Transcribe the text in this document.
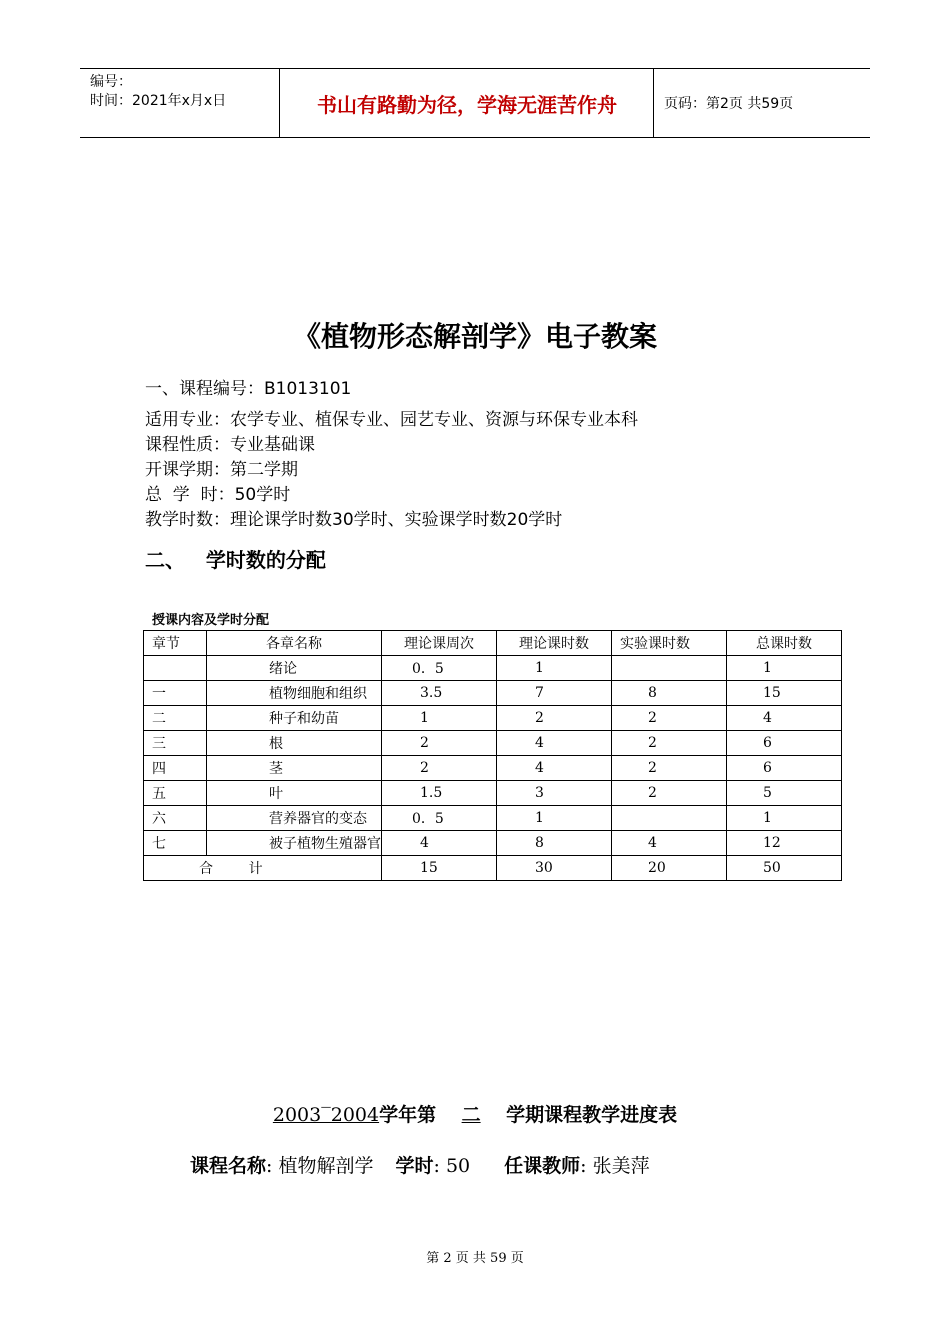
编号：
时间：2021年x月x日	书山有路勤为径，学海无涯苦作舟	页码：第2页 共59页
《植物形态解剖学》电子教案
一、课程编号：B1013101
适用专业：农学专业、植保专业、园艺专业、资源与环保专业本科
课程性质：专业基础课
开课学期：第二学期
总  学  时：50学时
教学时数：理论课学时数30学时、实验课学时数20学时
二、   学时数的分配
授课内容及学时分配
章节	各章名称	理论课周次	理论课时数	实验课时数	总课时数
	绪论	0．5	1		1
一	植物细胞和组织	3.5	7	8	15
二	种子和幼苗	1	2	2	4
三	根	2	4	2	6
四	茎	2	4	2	6
五	叶	1.5	3	2	5
六	营养器官的变态	0．5	1		1
七	被子植物生殖器官	4	8	4	12
合        计		15	30	20	50
2003‾2004学年第 二 学期课程教学进度表
课程名称: 植物解剖学 学时: 50 任课教师: 张美萍
第 2 页 共 59 页
